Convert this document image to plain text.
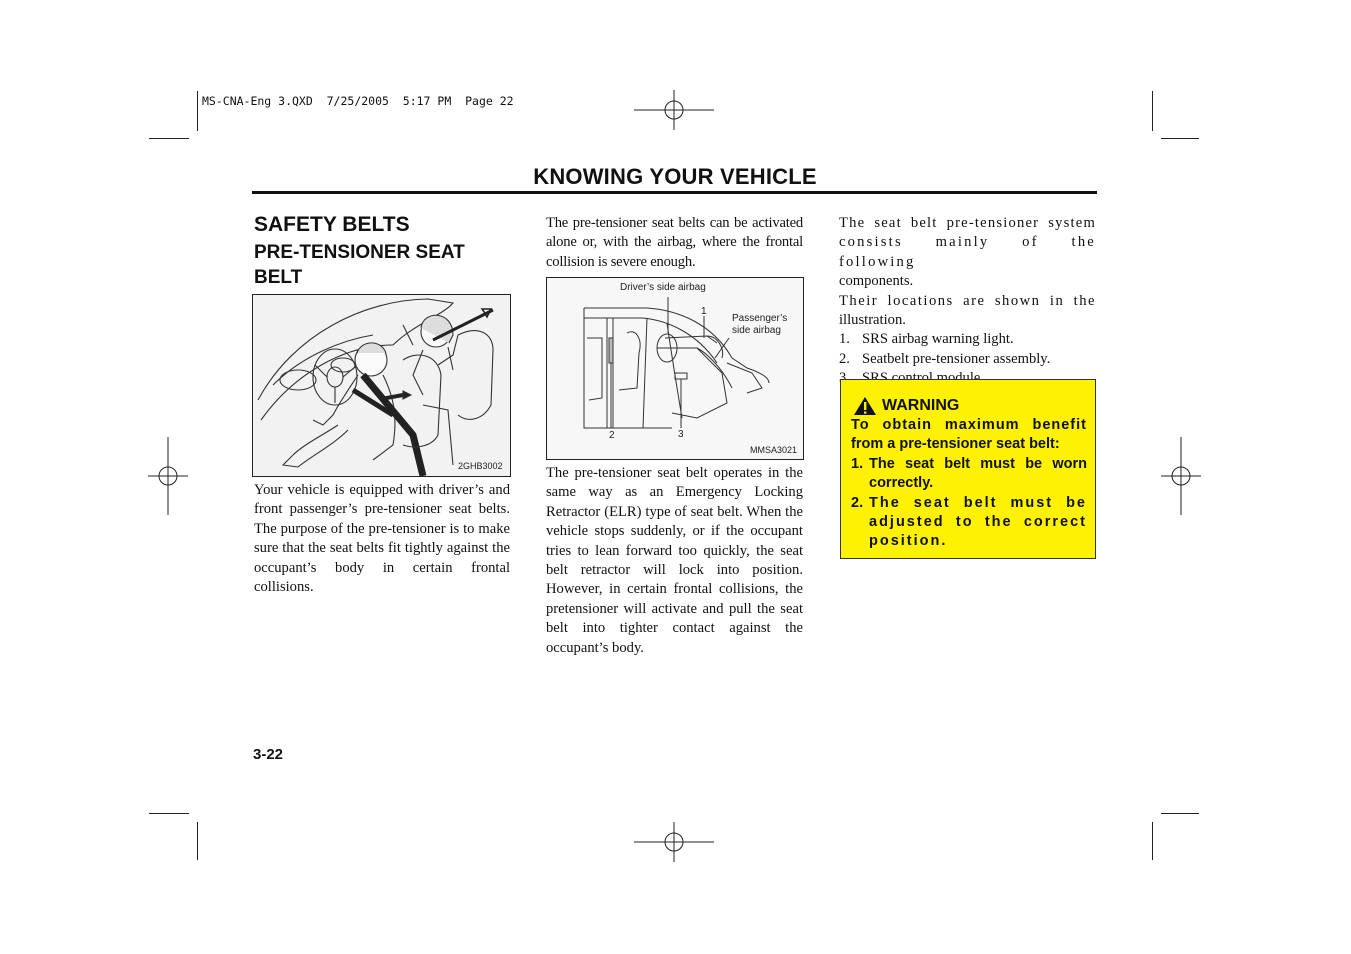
MS-CNA-Eng 3.QXD  7/25/2005  5:17 PM  Page 22
KNOWING YOUR VEHICLE
SAFETY BELTS
PRE-TENSIONER SEAT BELT
2GHB3002
Your vehicle is equipped with driver’s and front passenger’s pre-tensioner seat belts. The purpose of the pre-tensioner is to make sure that the seat belts fit tightly against the occupant’s body in certain frontal collisions.
The pre-tensioner seat belts can be activated alone or, with the airbag, where the frontal collision is severe enough.
Driver’s side airbag
1
Passenger’s
side airbag
2	3
MMSA3021
The pre-tensioner seat belt operates in the same way as an Emergency Locking Retractor (ELR) type of seat belt. When the vehicle stops suddenly, or if the occupant tries to lean forward too quickly, the seat belt retractor will lock into position. However, in certain frontal collisions, the pretensioner will activate and pull the seat belt into tighter contact against the occupant’s body.
The seat belt pre-tensioner system
consists mainly of the following
components.
Their locations are shown in the
illustration.
1. SRS airbag warning light.
2. Seatbelt pre-tensioner assembly.
WARNING
To obtain maximum benefit
from a pre-tensioner seat belt:
1. The seat belt must be worn correctly.
2. The seat belt must be adjusted to the correct position.
3-22
